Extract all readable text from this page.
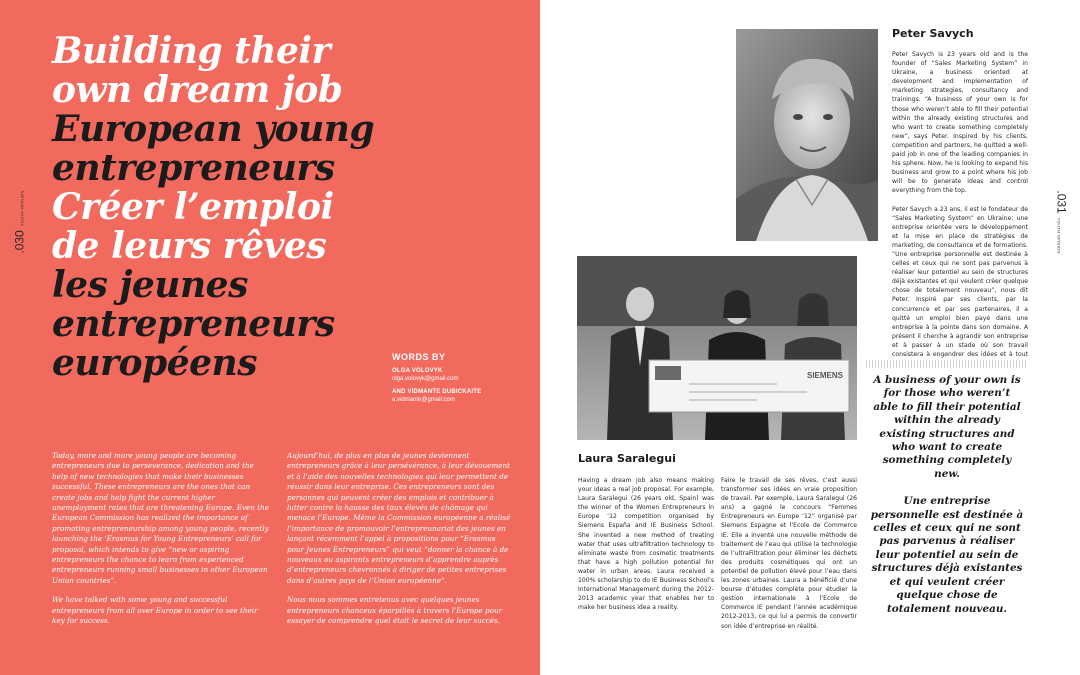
Building their
own dream job
European young
entrepreneurs
Créer l’emploi
de leurs rêves
les jeunes
entrepreneurs
européens
.030
YOUTH OPINION
WORDS BY
OLGA VOLOVYK
olga.volovyk@gmail.com
AND VIDMANTE DUBICKAITE
a.vidmante@gmail.com

Today, more and more young people are becoming entrepreneurs due to perseverance, dedication and the help of new technologies that make their businesses successful. These entrepreneurs are the ones that can create jobs and help fight the current higher unemployment rates that are threatening Europe. Even the European Commission has realized the importance of promoting entrepreneurship among young people, recently launching the ‘Erasmus for Young Entrepreneurs’ call for proposal, which intends to give “new or aspiring entrepreneurs the chance to learn from experienced entrepreneurs running small businesses in other European Union countries”.

We have talked with some young and successful entrepreneurs from all over Europe in order to see their key for success.

Aujourd’hui, de plus en plus de jeunes deviennent entrepreneurs grâce à leur persévérance, à leur dévouement et à l’aide des nouvelles technologies qui leur permettent de réussir dans leur entreprise. Ces entrepreneurs sont des personnes qui peuvent créer des emplois et contribuer à lutter contre la hausse des taux élevés de chômage qui menace l’Europe. Même la Commission européenne a réalisé l’importance de promouvoir l’entrepreunariat des jeunes en lançant récemment l’appel à propositions pour “Erasmus pour Jeunes Entrepreneurs” qui veut “donner la chance à de nouveaux ou aspirants entrepreneurs d’apprendre auprès d’entrepreneurs chevronnés à diriger de petites entreprises dans d’autres pays de l’Union européenne”.

Nous nous sommes entretenus avec quelques jeunes entrepreneurs chanceux éparpillés à travers l’Europe pour essayer de comprendre quel était le secret de leur succès.

Peter Savych

Peter Savych is 23 years old and is the founder of “Sales Marketing System” in Ukraine, a business oriented at development and implementation of marketing strategies, consultancy and trainings. “A business of your own is for those who weren’t able to fill their potential within the already existing structures and who want to create something completely new”, says Peter. Inspired by his clients, competition and partners, he quitted a well-paid job in one of the leading companies in his sphere. Now, he is looking to expand his business and grow to a point where his job will be to generate ideas and control everything from the top.

Peter Savych a 23 ans, il est le fondateur de “Sales Marketing System” en Ukraine; une entreprise orientée vers le développement et la mise en place de stratégies de marketing, de consultance et de formations. “Une entreprise personnelle est destinée à celles et ceux qui ne sont pas parvenus à réaliser leur potentiel au sein de structures déjà existantes et qui veulent créer quelque chose de totalement nouveau”, nous dit Peter. Inspiré par ses clients, par la concurrence et par ses partenaires, il a quitté un emploi bien payé dans une entreprise à la pointe dans son domaine. A présent il cherche à agrandir son entreprise et à passer à un stade où son travail consistera à engendrer des idées et à tout

.031
YOUTH OPINION
SIEMENS
Laura Saralegui

Having a dream job also means making your ideas a real job proposal. For example, Laura Saralegui (26 years old, Spain) was the winner of the Women Entrepreneurs in Europe ‘12 competition organised by Siemens España and IE Business School. She invented a new method of treating water that uses ultrafiltration technology to eliminate waste from cosmetic treatments that have a high pollution potential for water in urban areas. Laura received a 100% scholarship to do IE Business School’s International Management during the 2012-2013 academic year that enables her to make her business idea a reality.

Faire le travail de ses rêves, c’est aussi transformer ses idées en vraie proposition de travail. Par exemple, Laura Saralegui (26 ans) a gagné le concours “Femmes Entrepreneurs en Europe ‘12” organisé par Siemens Espagne et l’Ecole de Commerce IE. Elle a inventé une nouvelle méthode de traitement de l’eau qui utilise la technologie de l’ultraFiltration pour éliminer les déchets des produits cosmétiques qui ont un potentiel de pollution élevé pour l’eau dans les zones urbaines. Laura a bénéficié d’une bourse d’études complète pour étudier la gestion internationale à l’Ecole de Commerce IE pendant l’année académique 2012-2013, ce qui lui a permis de convertir son idée d’entreprise en réalité.

A business of your own is for those who weren’t able to fill their potential within the already existing structures and who want to create something completely new.
Une entreprise personnelle est destinée à celles et ceux qui ne sont pas parvenus à réaliser leur potentiel au sein de structures déjà existantes et qui veulent créer quelque chose de totalement nouveau.
